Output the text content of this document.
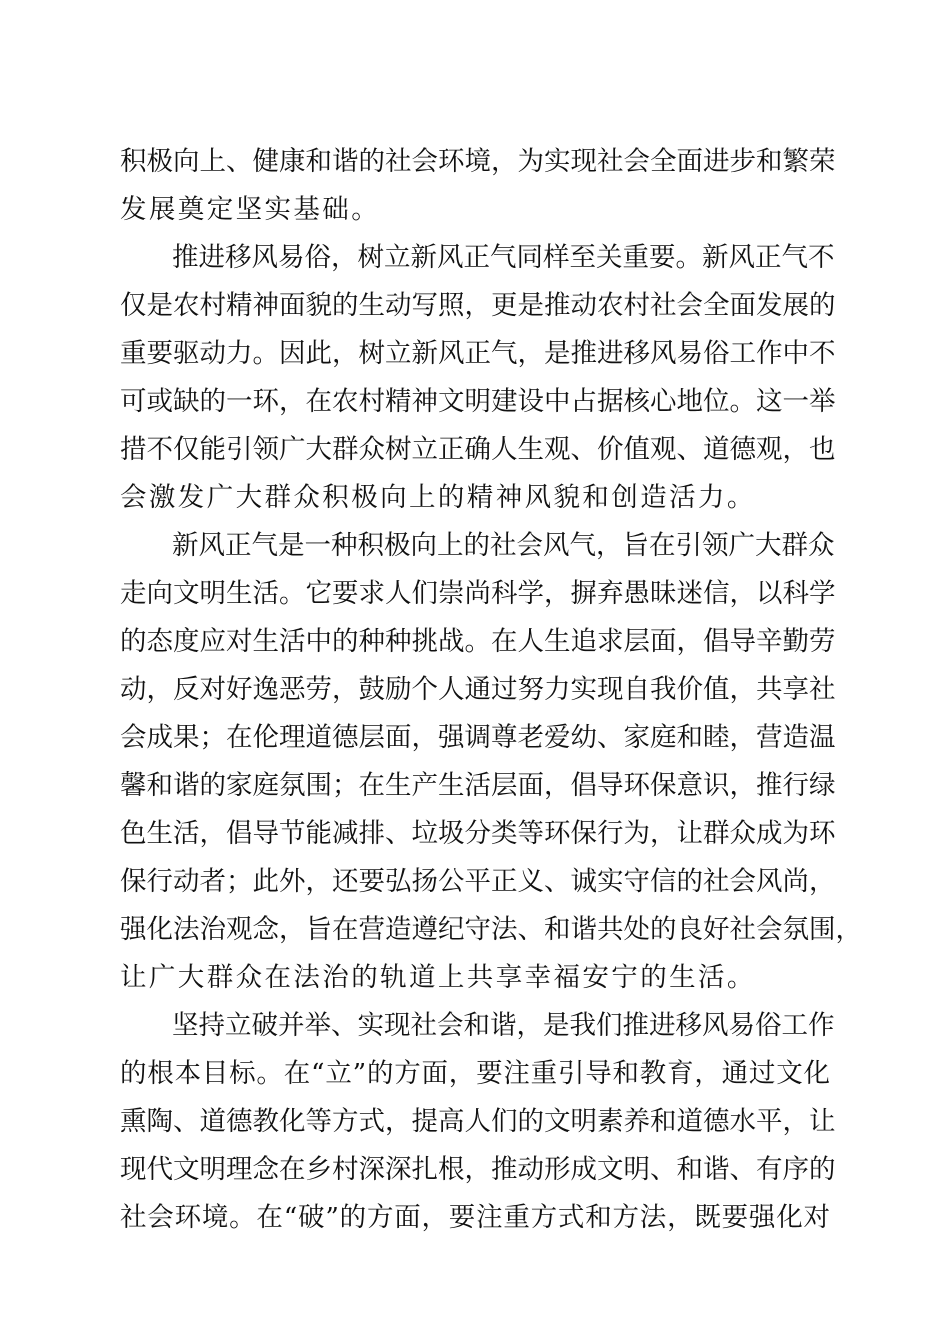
积极向上、健康和谐的社会环境，为实现社会全面进步和繁荣
发展奠定坚实基础。
推进移风易俗，树立新风正气同样至关重要。新风正气不
仅是农村精神面貌的生动写照，更是推动农村社会全面发展的
重要驱动力。因此，树立新风正气，是推进移风易俗工作中不
可或缺的一环，在农村精神文明建设中占据核心地位。这一举
措不仅能引领广大群众树立正确人生观、价值观、道德观，也
会激发广大群众积极向上的精神风貌和创造活力。
新风正气是一种积极向上的社会风气，旨在引领广大群众
走向文明生活。它要求人们崇尚科学，摒弃愚昧迷信，以科学
的态度应对生活中的种种挑战。在人生追求层面，倡导辛勤劳
动，反对好逸恶劳，鼓励个人通过努力实现自我价值，共享社
会成果；在伦理道德层面，强调尊老爱幼、家庭和睦，营造温
馨和谐的家庭氛围；在生产生活层面，倡导环保意识，推行绿
色生活，倡导节能减排、垃圾分类等环保行为，让群众成为环
保行动者；此外，还要弘扬公平正义、诚实守信的社会风尚，
强化法治观念，旨在营造遵纪守法、和谐共处的良好社会氛围，
让广大群众在法治的轨道上共享幸福安宁的生活。
坚持立破并举、实现社会和谐，是我们推进移风易俗工作
的根本目标。在“立”的方面，要注重引导和教育，通过文化
熏陶、道德教化等方式，提高人们的文明素养和道德水平，让
现代文明理念在乡村深深扎根，推动形成文明、和谐、有序的
社会环境。在“破”的方面，要注重方式和方法，既要强化对
